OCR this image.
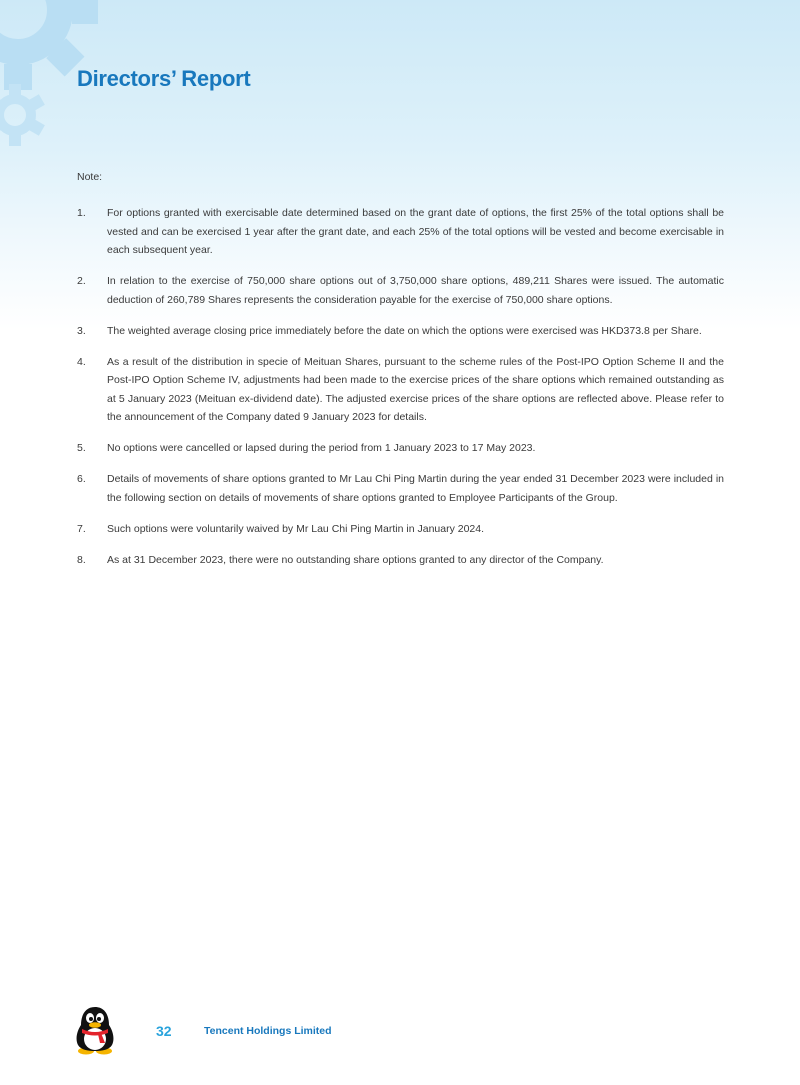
Directors’ Report
Note:
1. For options granted with exercisable date determined based on the grant date of options, the first 25% of the total options shall be vested and can be exercised 1 year after the grant date, and each 25% of the total options will be vested and become exercisable in each subsequent year.
2. In relation to the exercise of 750,000 share options out of 3,750,000 share options, 489,211 Shares were issued. The automatic deduction of 260,789 Shares represents the consideration payable for the exercise of 750,000 share options.
3. The weighted average closing price immediately before the date on which the options were exercised was HKD373.8 per Share.
4. As a result of the distribution in specie of Meituan Shares, pursuant to the scheme rules of the Post-IPO Option Scheme II and the Post-IPO Option Scheme IV, adjustments had been made to the exercise prices of the share options which remained outstanding as at 5 January 2023 (Meituan ex-dividend date). The adjusted exercise prices of the share options are reflected above. Please refer to the announcement of the Company dated 9 January 2023 for details.
5. No options were cancelled or lapsed during the period from 1 January 2023 to 17 May 2023.
6. Details of movements of share options granted to Mr Lau Chi Ping Martin during the year ended 31 December 2023 were included in the following section on details of movements of share options granted to Employee Participants of the Group.
7. Such options were voluntarily waived by Mr Lau Chi Ping Martin in January 2024.
8. As at 31 December 2023, there were no outstanding share options granted to any director of the Company.
32	Tencent Holdings Limited
